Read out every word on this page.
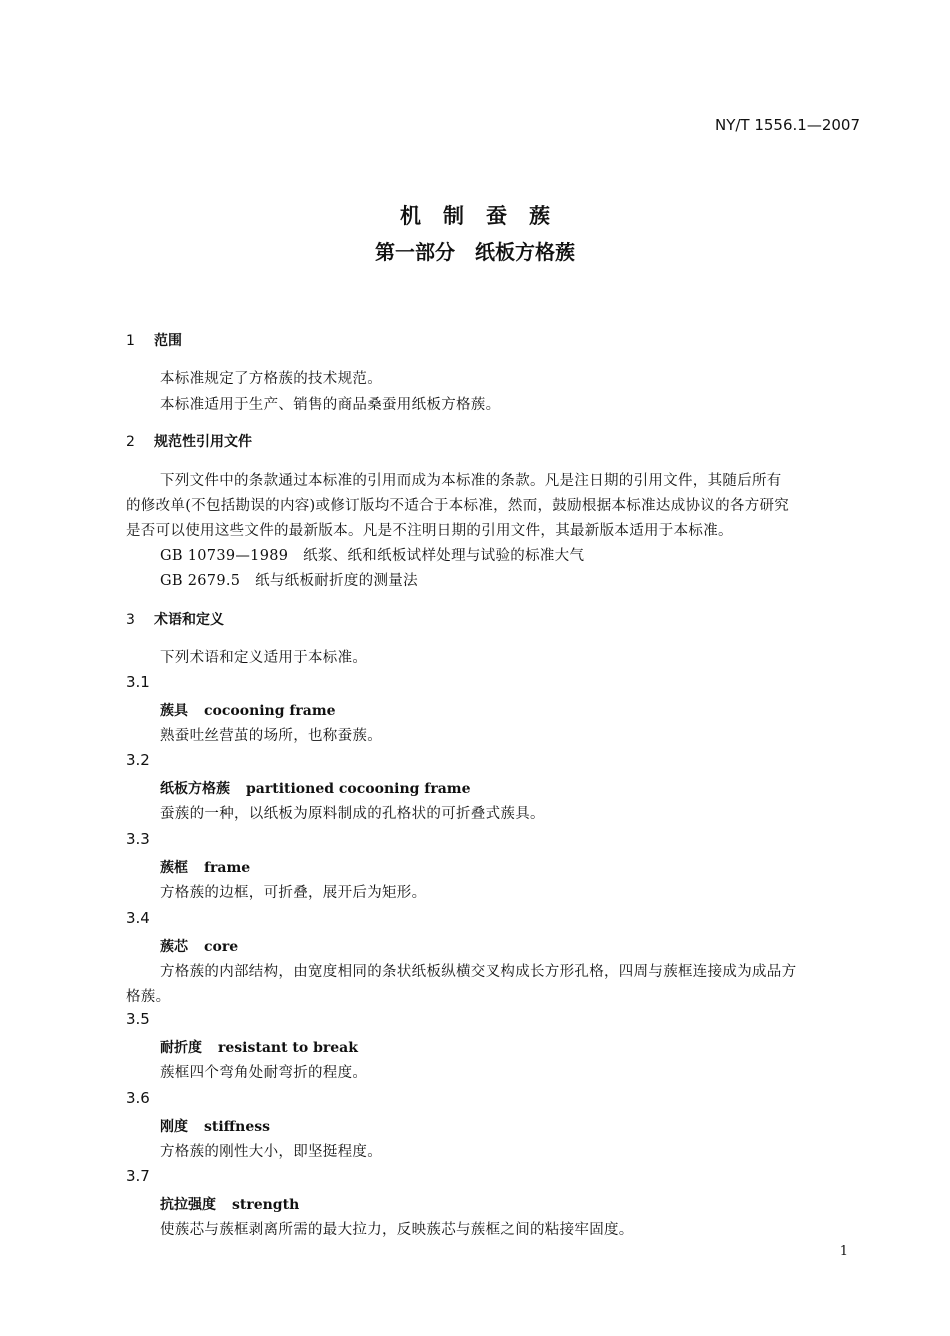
NY/T 1556.1—2007
机制蚕蔟
第一部分　纸板方格蔟
1 范围
本标准规定了方格蔟的技术规范。
本标准适用于生产、销售的商品桑蚕用纸板方格蔟。
2 规范性引用文件
下列文件中的条款通过本标准的引用而成为本标准的条款。凡是注日期的引用文件，其随后所有
的修改单(不包括勘误的内容)或修订版均不适合于本标准，然而，鼓励根据本标准达成协议的各方研究
是否可以使用这些文件的最新版本。凡是不注明日期的引用文件，其最新版本适用于本标准。
GB 10739—1989　纸浆、纸和纸板试样处理与试验的标准大气
GB 2679.5　纸与纸板耐折度的测量法
3 术语和定义
下列术语和定义适用于本标准。
3.1
蔟具 cocooning frame
熟蚕吐丝营茧的场所，也称蚕蔟。
3.2
纸板方格蔟 partitioned cocooning frame
蚕蔟的一种，以纸板为原料制成的孔格状的可折叠式蔟具。
3.3
蔟框 frame
方格蔟的边框，可折叠，展开后为矩形。
3.4
蔟芯 core
方格蔟的内部结构，由宽度相同的条状纸板纵横交叉构成长方形孔格，四周与蔟框连接成为成品方
格蔟。
3.5
耐折度 resistant to break
蔟框四个弯角处耐弯折的程度。
3.6
刚度 stiffness
方格蔟的刚性大小，即坚挺程度。
3.7
抗拉强度 strength
使蔟芯与蔟框剥离所需的最大拉力，反映蔟芯与蔟框之间的粘接牢固度。
1
